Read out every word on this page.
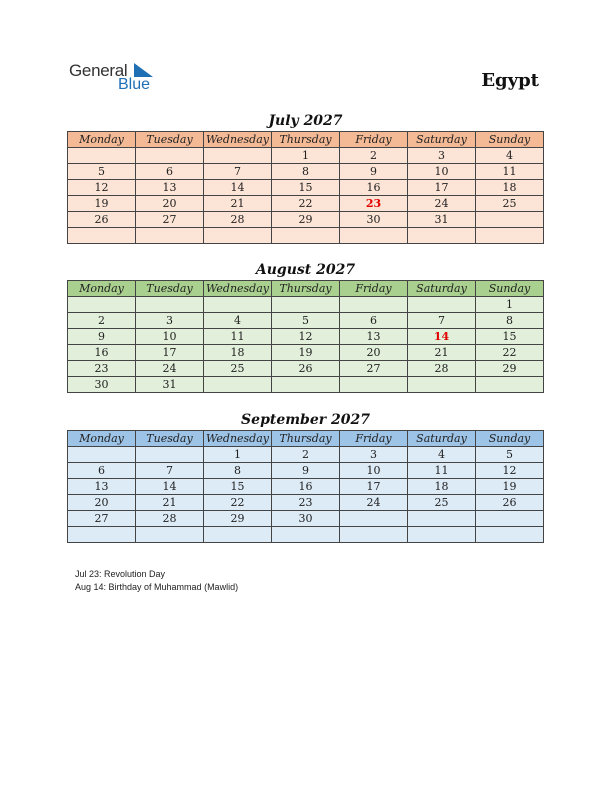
General
Blue	Egypt
July 2027
Monday	Tuesday	Wednesday	Thursday	Friday	Saturday	Sunday
			1	2	3	4
5	6	7	8	9	10	11
12	13	14	15	16	17	18
19	20	21	22	23	24	25
26	27	28	29	30	31	

August 2027
Monday	Tuesday	Wednesday	Thursday	Friday	Saturday	Sunday
						1
2	3	4	5	6	7	8
9	10	11	12	13	14	15
16	17	18	19	20	21	22
23	24	25	26	27	28	29
30	31					
September 2027
Monday	Tuesday	Wednesday	Thursday	Friday	Saturday	Sunday
		1	2	3	4	5
6	7	8	9	10	11	12
13	14	15	16	17	18	19
20	21	22	23	24	25	26
27	28	29	30			

Jul 23: Revolution Day
Aug 14: Birthday of Muhammad (Mawlid)
